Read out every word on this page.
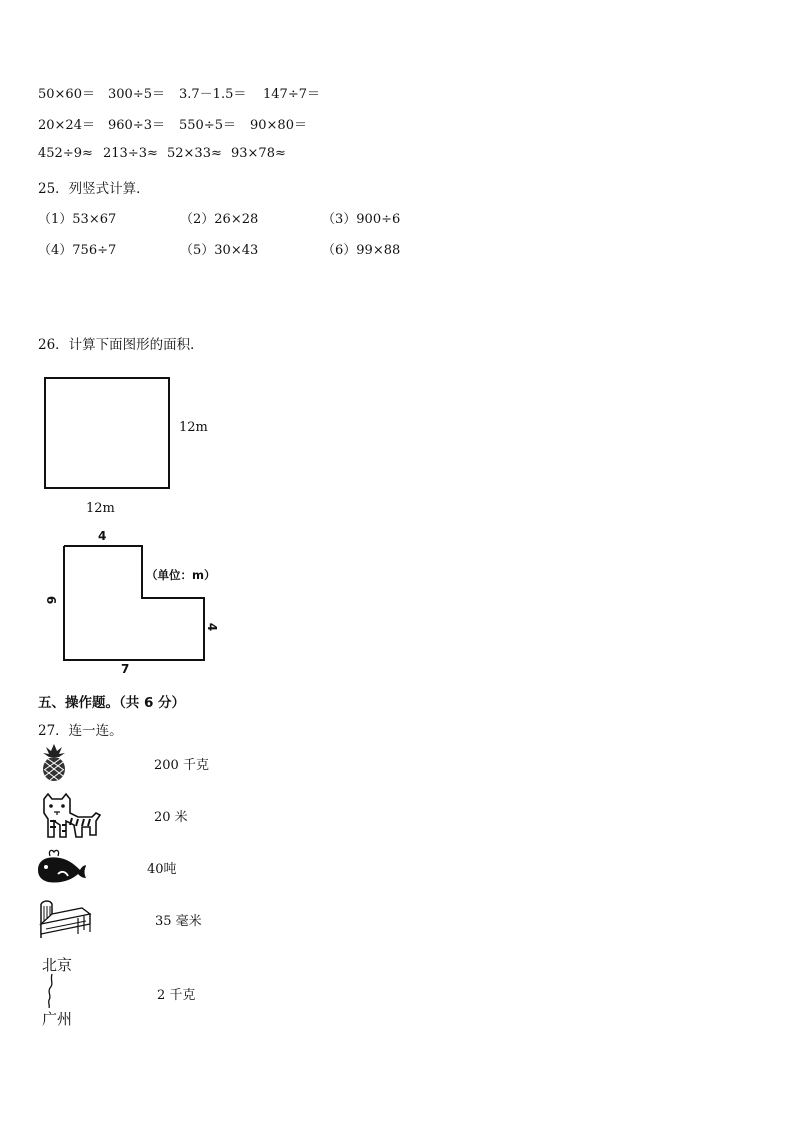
50×60＝ 300÷5＝ 3.7－1.5＝ 147÷7＝
20×24＝ 960÷3＝ 550÷5＝ 90×80＝
452÷9≈ 213÷3≈ 52×33≈ 93×78≈
25．列竖式计算．
（1）53×67	（2）26×28	（3）900÷6
（4）756÷7	（5）30×43	（6）99×88
26．计算下面图形的面积．
12m
12m
4
6
4
7
（单位：m）
五、操作题。（共 6 分）
27．连一连。
200 千克
20 米
40吨
35 毫米
北京
广州
2 千克
